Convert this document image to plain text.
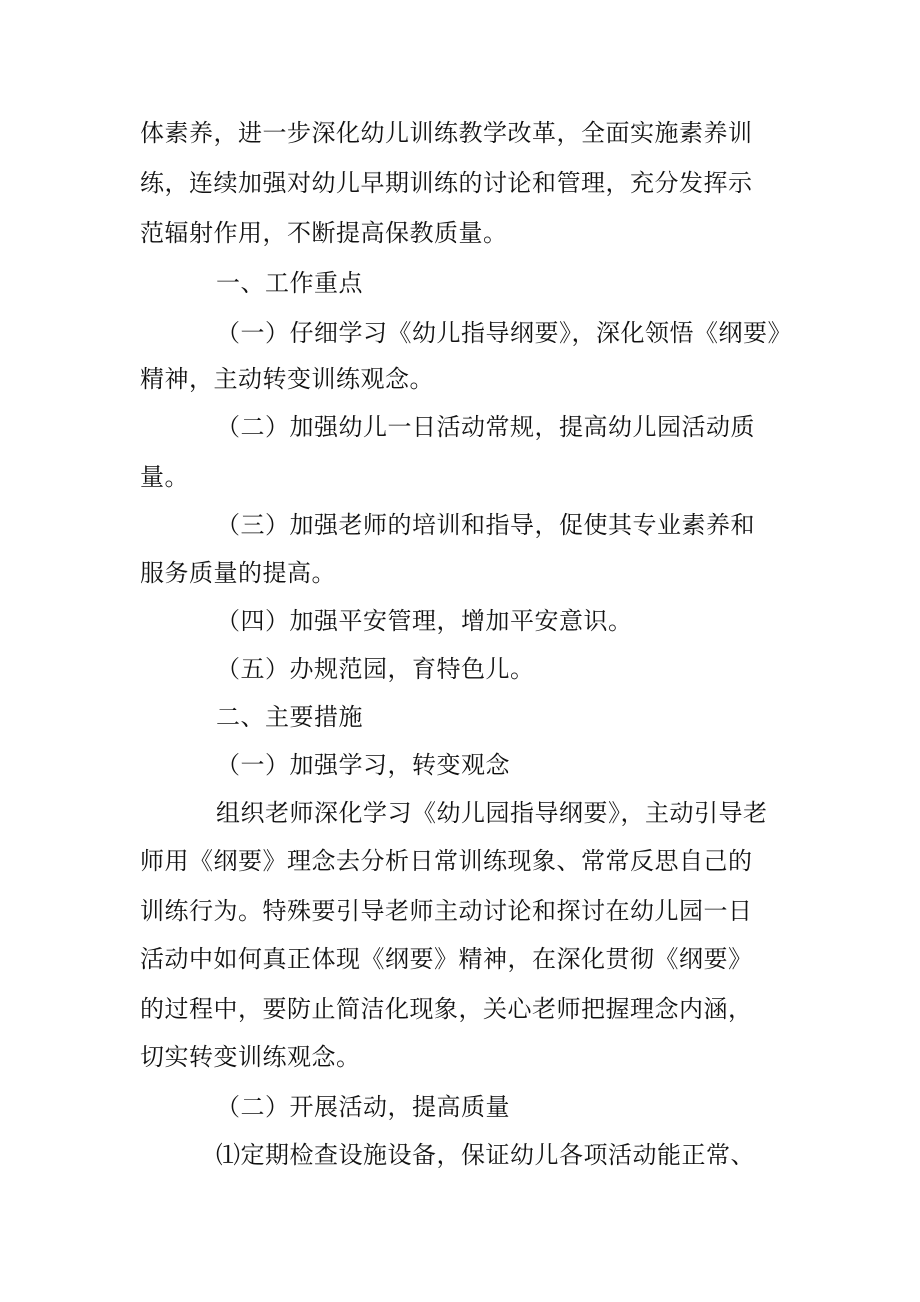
体素养，进一步深化幼儿训练教学改革，全面实施素养训
练，连续加强对幼儿早期训练的讨论和管理，充分发挥示
范辐射作用，不断提高保教质量。
一、工作重点
（一）仔细学习《幼儿指导纲要》，深化领悟《纲要》
精神，主动转变训练观念。
（二）加强幼儿一日活动常规，提高幼儿园活动质
量。
（三）加强老师的培训和指导，促使其专业素养和
服务质量的提高。
（四）加强平安管理，增加平安意识。
（五）办规范园，育特色儿。
二、主要措施
（一）加强学习，转变观念
组织老师深化学习《幼儿园指导纲要》，主动引导老
师用《纲要》理念去分析日常训练现象、常常反思自己的
训练行为。特殊要引导老师主动讨论和探讨在幼儿园一日
活动中如何真正体现《纲要》精神，在深化贯彻《纲要》
的过程中，要防止简洁化现象，关心老师把握理念内涵，
切实转变训练观念。
（二）开展活动，提高质量
⑴定期检查设施设备，保证幼儿各项活动能正常、
